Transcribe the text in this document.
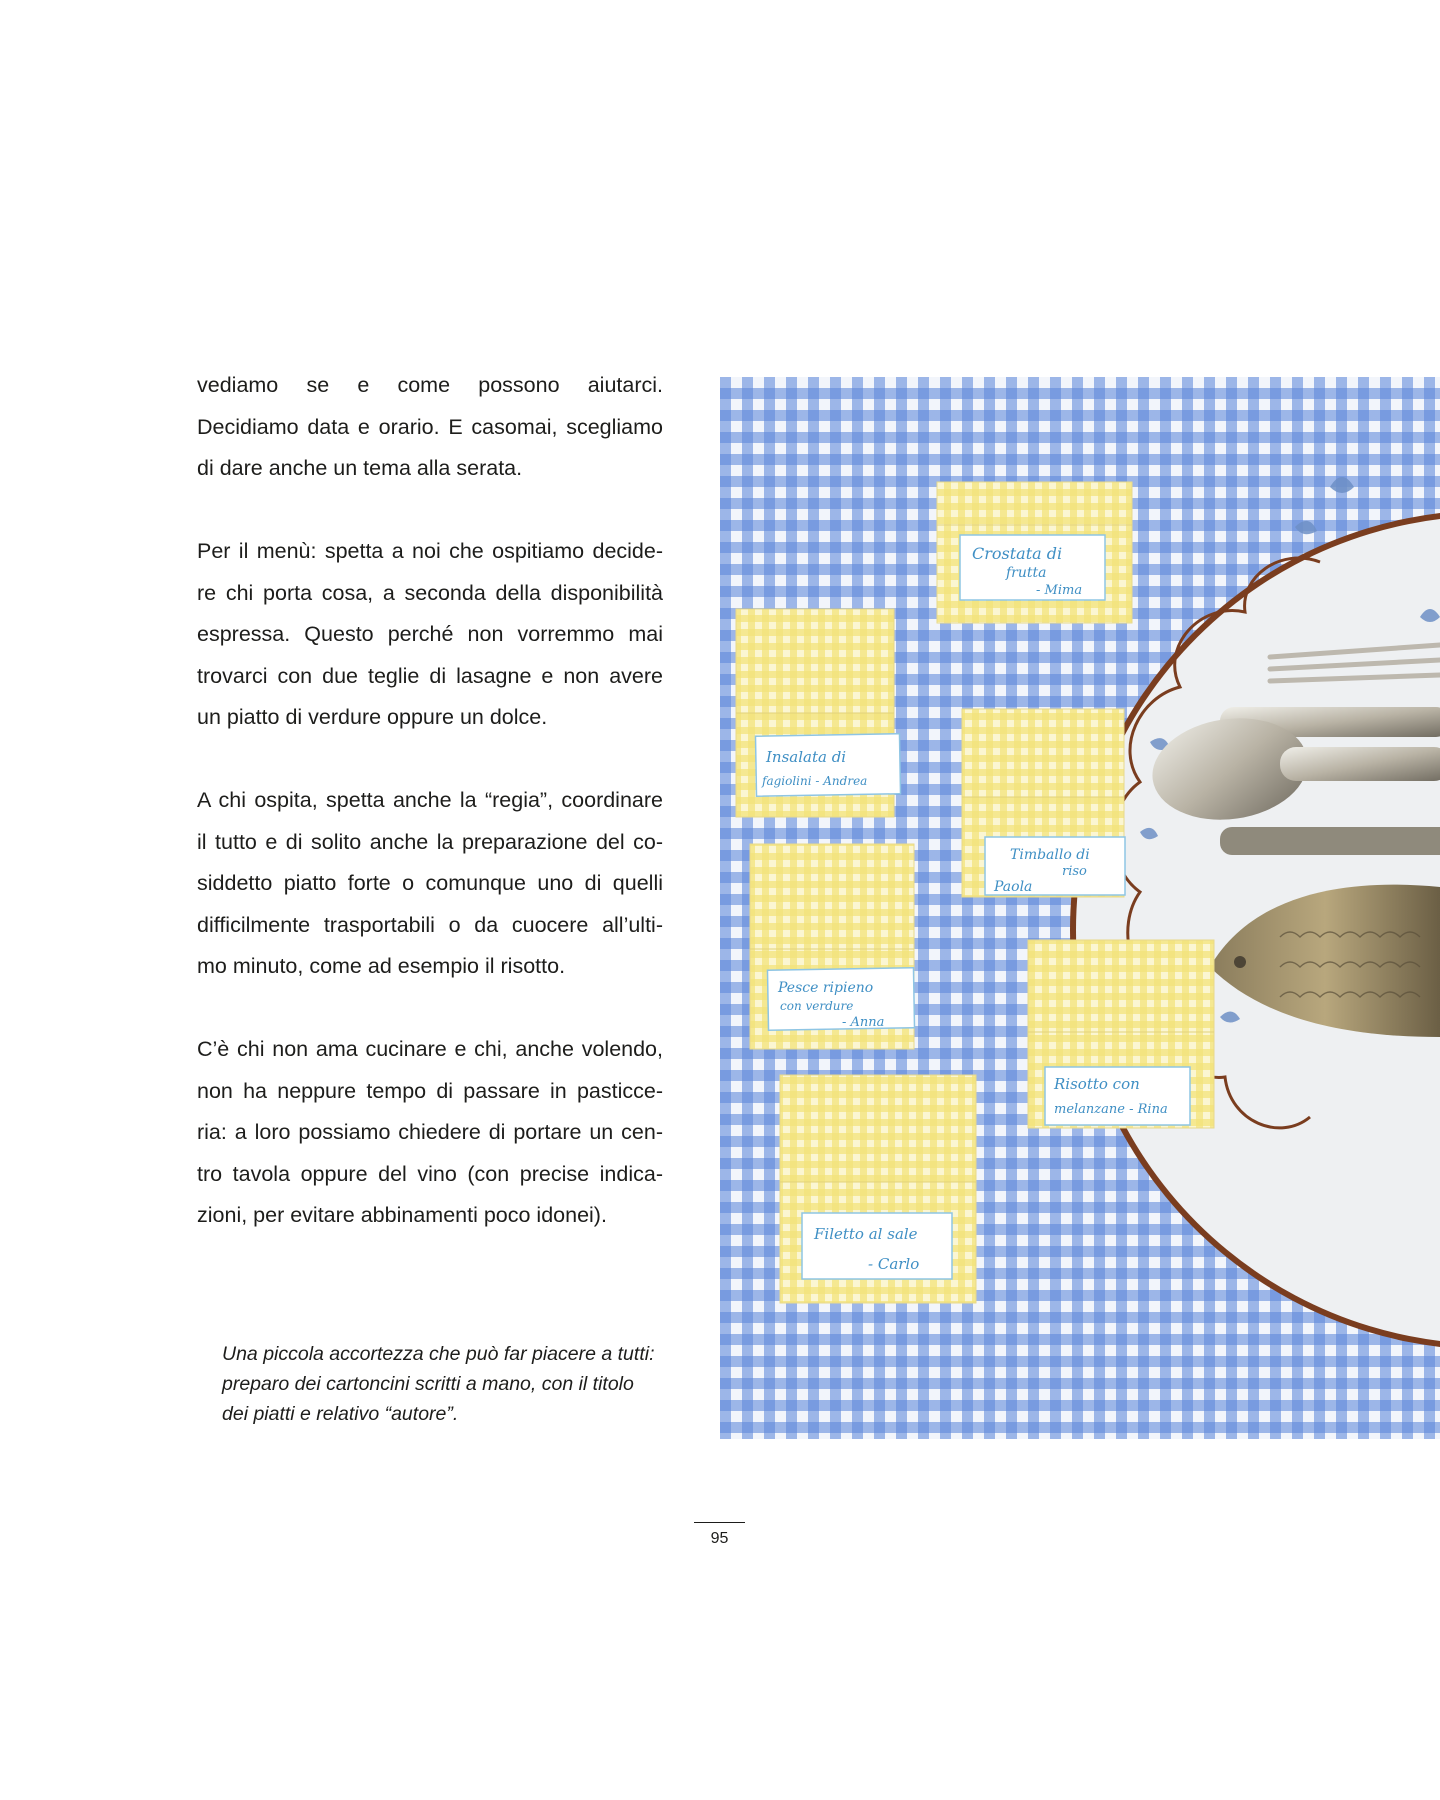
vediamo se e come possono aiutarci.
Decidiamo data e orario. E casomai, scegliamo
di dare anche un tema alla serata.

Per il menù: spetta a noi che ospitiamo decide-
re chi porta cosa, a seconda della disponibilità
espressa. Questo perché non vorremmo mai
trovarci con due teglie di lasagne e non avere
un piatto di verdure oppure un dolce.

A chi ospita, spetta anche la “regia”, coordinare
il tutto e di solito anche la preparazione del co-
siddetto piatto forte o comunque uno di quelli
difficilmente trasportabili o da cuocere all’ulti-
mo minuto, come ad esempio il risotto.

C’è chi non ama cucinare e chi, anche volendo,
non ha neppure tempo di passare in pasticce-
ria: a loro possiamo chiedere di portare un cen-
tro tavola oppure del vino (con precise indica-
zioni, per evitare abbinamenti poco idonei).

Una piccola accortezza che può far piacere a tutti:
preparo dei cartoncini scritti a mano, con il titolo
dei piatti e relativo “autore”.
Crostata di
frutta
- Mima
Insalata di
fagiolini - Andrea
Timballo di
riso
Paola
Pesce ripieno
con verdure
- Anna
Risotto con
melanzane - Rina
Filetto al sale
- Carlo
95
